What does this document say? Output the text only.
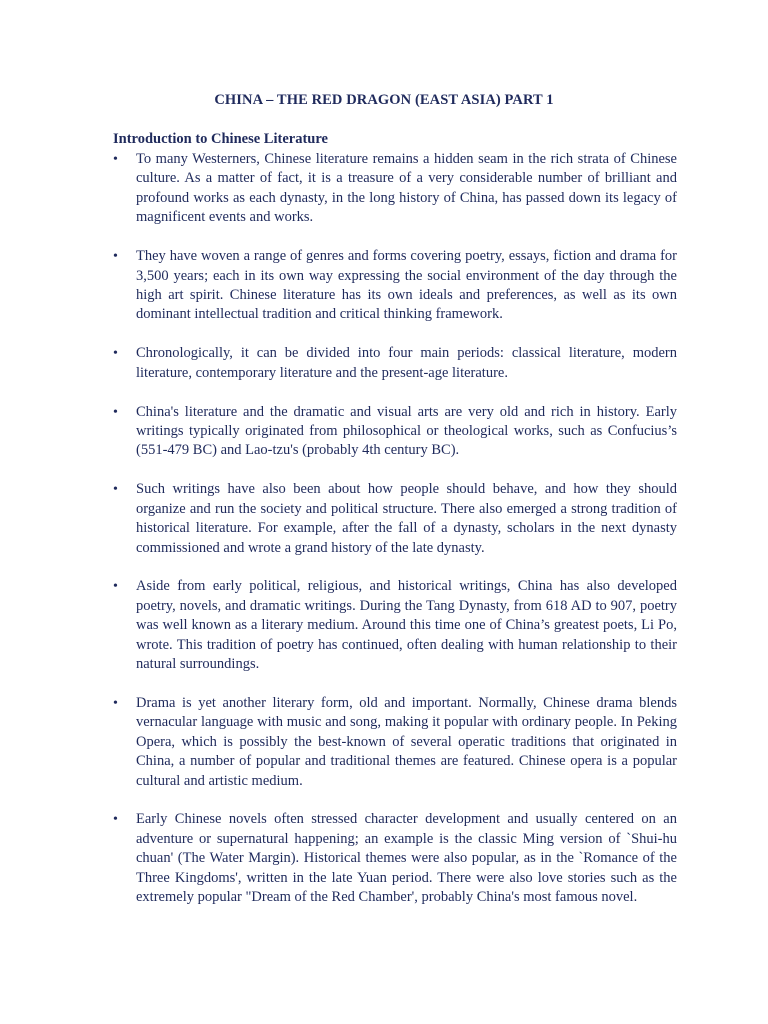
CHINA – THE RED DRAGON (EAST ASIA) PART 1
Introduction to Chinese Literature
• To many Westerners, Chinese literature remains a hidden seam in the rich strata of Chinese culture. As a matter of fact, it is a treasure of a very considerable number of brilliant and profound works as each dynasty, in the long history of China, has passed down its legacy of magnificent events and works.
• They have woven a range of genres and forms covering poetry, essays, fiction and drama for 3,500 years; each in its own way expressing the social environment of the day through the high art spirit. Chinese literature has its own ideals and preferences, as well as its own dominant intellectual tradition and critical thinking framework.
• Chronologically, it can be divided into four main periods: classical literature, modern literature, contemporary literature and the present-age literature.
• China's literature and the dramatic and visual arts are very old and rich in history. Early writings typically originated from philosophical or theological works, such as Confucius’s (551-479 BC) and Lao-tzu's (probably 4th century BC).
• Such writings have also been about how people should behave, and how they should organize and run the society and political structure. There also emerged a strong tradition of historical literature. For example, after the fall of a dynasty, scholars in the next dynasty commissioned and wrote a grand history of the late dynasty.
• Aside from early political, religious, and historical writings, China has also developed poetry, novels, and dramatic writings. During the Tang Dynasty, from 618 AD to 907, poetry was well known as a literary medium. Around this time one of China’s greatest poets, Li Po, wrote. This tradition of poetry has continued, often dealing with human relationship to their natural surroundings.
• Drama is yet another literary form, old and important. Normally, Chinese drama blends vernacular language with music and song, making it popular with ordinary people. In Peking Opera, which is possibly the best-known of several operatic traditions that originated in China, a number of popular and traditional themes are featured. Chinese opera is a popular cultural and artistic medium.
• Early Chinese novels often stressed character development and usually centered on an adventure or supernatural happening; an example is the classic Ming version of `Shui-hu chuan' (The Water Margin). Historical themes were also popular, as in the `Romance of the Three Kingdoms', written in the late Yuan period. There were also love stories such as the extremely popular "Dream of the Red Chamber', probably China's most famous novel.
